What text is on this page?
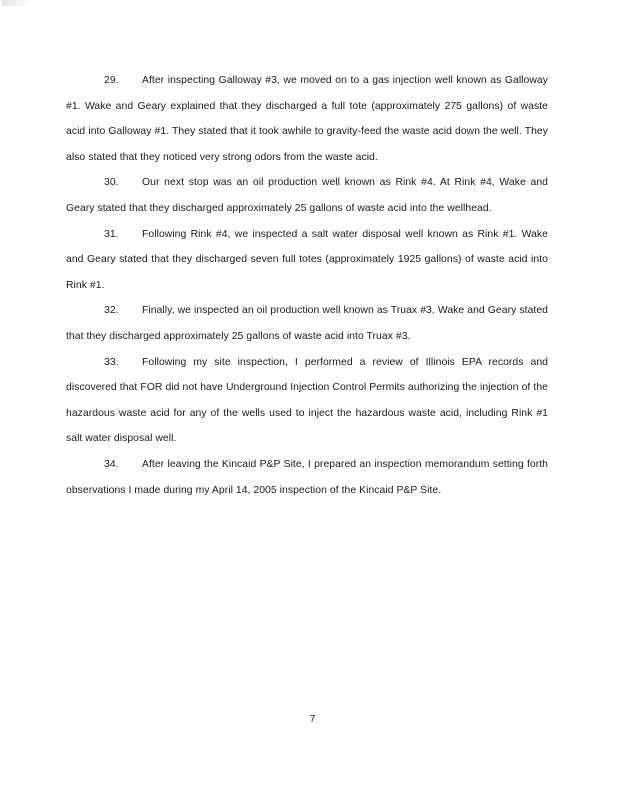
29. After inspecting Galloway #3, we moved on to a gas injection well known as Galloway #1. Wake and Geary explained that they discharged a full tote (approximately 275 gallons) of waste acid into Galloway #1. They stated that it took awhile to gravity-feed the waste acid down the well. They also stated that they noticed very strong odors from the waste acid.

30. Our next stop was an oil production well known as Rink #4. At Rink #4, Wake and Geary stated that they discharged approximately 25 gallons of waste acid into the wellhead.

31. Following Rink #4, we inspected a salt water disposal well known as Rink #1. Wake and Geary stated that they discharged seven full totes (approximately 1925 gallons) of waste acid into Rink #1.

32. Finally, we inspected an oil production well known as Truax #3. Wake and Geary stated that they discharged approximately 25 gallons of waste acid into Truax #3.

33. Following my site inspection, I performed a review of Illinois EPA records and discovered that FOR did not have Underground Injection Control Permits authorizing the injection of the hazardous waste acid for any of the wells used to inject the hazardous waste acid, including Rink #1 salt water disposal well.

34. After leaving the Kincaid P&P Site, I prepared an inspection memorandum setting forth observations I made during my April 14, 2005 inspection of the Kincaid P&P Site.

7
